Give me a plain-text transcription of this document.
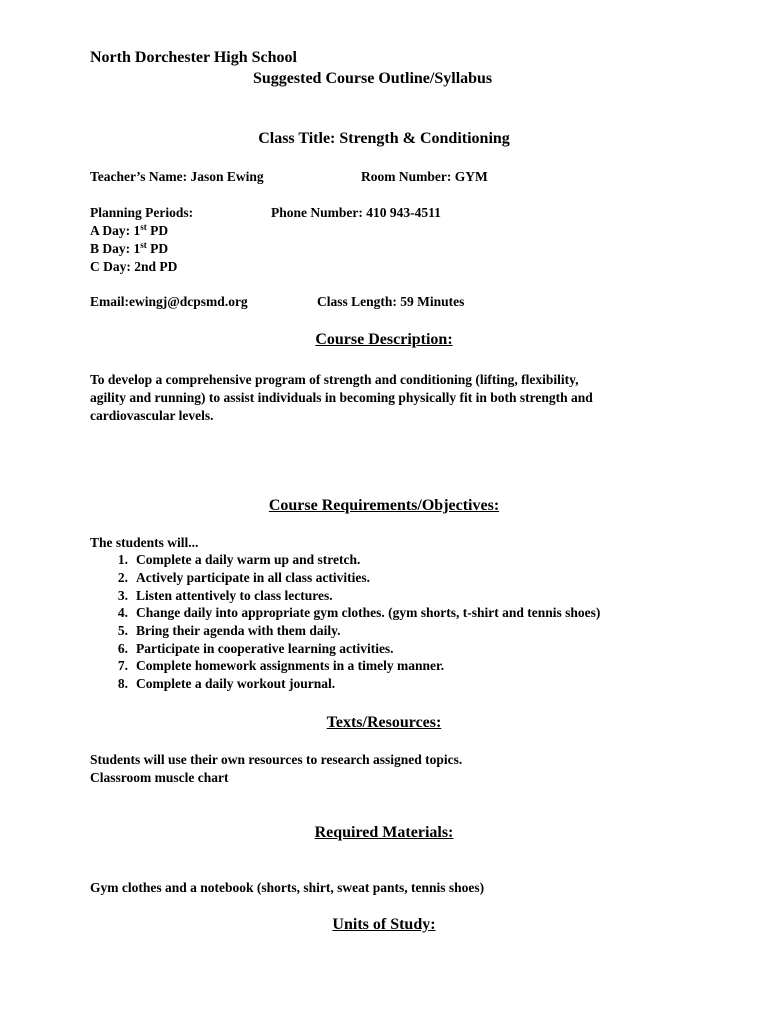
North Dorchester High School
Suggested Course Outline/Syllabus
Class Title: Strength & Conditioning
Teacher’s Name: Jason Ewing	Room Number: GYM
Planning Periods:	Phone Number: 410 943-4511
A Day: 1st PD
B Day: 1st PD
C Day: 2nd PD
Email:ewingj@dcpsmd.org	Class Length: 59 Minutes
Course Description:
To develop a comprehensive program of strength and conditioning (lifting, flexibility,
agility and running) to assist individuals in becoming physically fit in both strength and
cardiovascular levels.
Course Requirements/Objectives:
The students will...
1. Complete a daily warm up and stretch.
2. Actively participate in all class activities.
3. Listen attentively to class lectures.
4. Change daily into appropriate gym clothes. (gym shorts, t-shirt and tennis shoes)
5. Bring their agenda with them daily.
6. Participate in cooperative learning activities.
7. Complete homework assignments in a timely manner.
8. Complete a daily workout journal.
Texts/Resources:
Students will use their own resources to research assigned topics.
Classroom muscle chart
Required Materials:
Gym clothes and a notebook (shorts, shirt, sweat pants, tennis shoes)
Units of Study:
